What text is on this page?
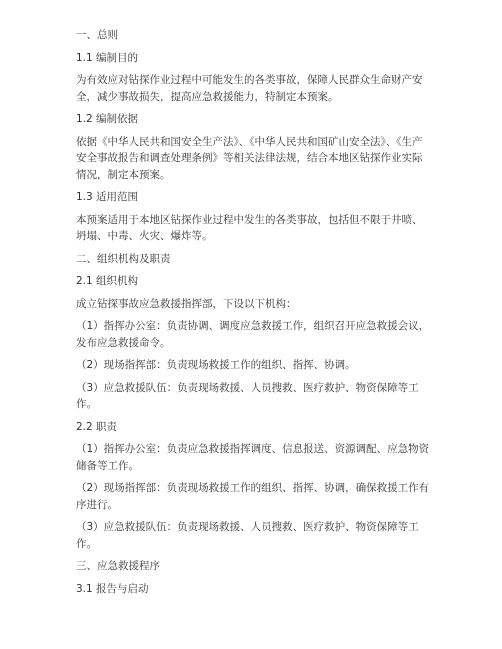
一、总则

1.1 编制目的

为有效应对钻探作业过程中可能发生的各类事故，保障人民群众生命财产安全，减少事故损失，提高应急救援能力，特制定本预案。

1.2 编制依据

依据《中华人民共和国安全生产法》、《中华人民共和国矿山安全法》、《生产安全事故报告和调查处理条例》等相关法律法规，结合本地区钻探作业实际情况，制定本预案。

1.3 适用范围

本预案适用于本地区钻探作业过程中发生的各类事故，包括但不限于井喷、坍塌、中毒、火灾、爆炸等。

二、组织机构及职责

2.1 组织机构

成立钻探事故应急救援指挥部，下设以下机构：

（1）指挥办公室：负责协调、调度应急救援工作，组织召开应急救援会议，发布应急救援命令。

（2）现场指挥部：负责现场救援工作的组织、指挥、协调。

（3）应急救援队伍：负责现场救援、人员搜救、医疗救护、物资保障等工作。

2.2 职责

（1）指挥办公室：负责应急救援指挥调度、信息报送、资源调配、应急物资储备等工作。

（2）现场指挥部：负责现场救援工作的组织、指挥、协调，确保救援工作有序进行。

（3）应急救援队伍：负责现场救援、人员搜救、医疗救护、物资保障等工作。

三、应急救援程序

3.1 报告与启动
